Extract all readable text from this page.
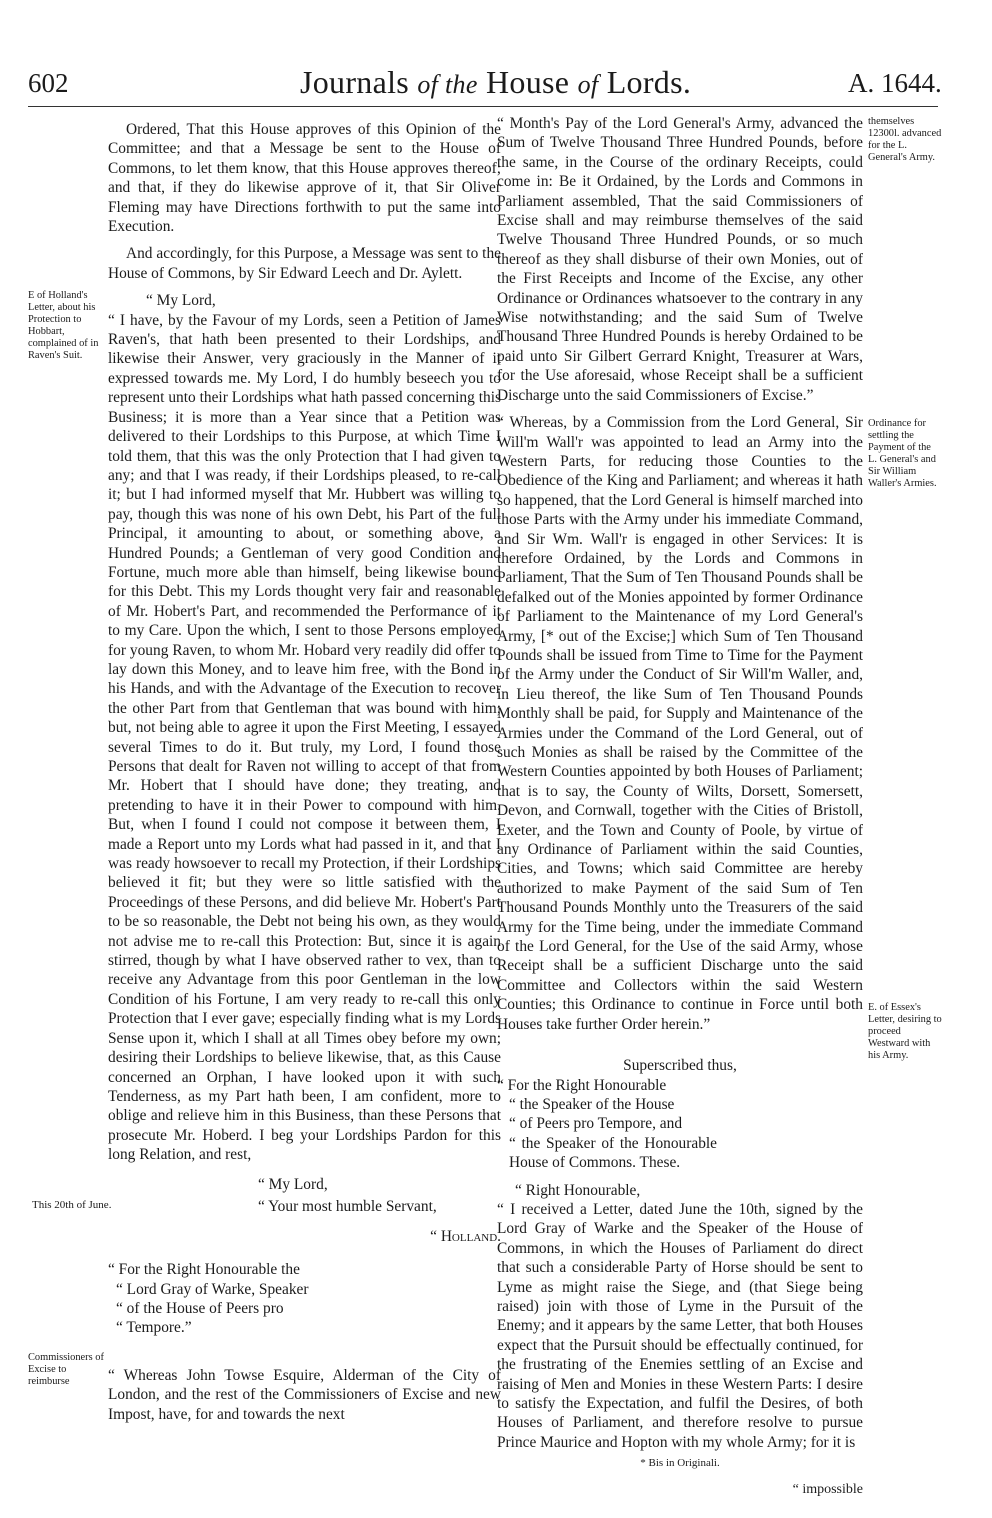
602	Journals of the House of Lords.	A. 1644.
E of Holland's Letter, about his Protection to Hobbart, complained of in Raven's Suit.
Commissioners of Excise to reimburse
themselves 12300l. advanced for the L. General's Army.
Ordinance for settling the Payment of the L. General's and Sir William Waller's Armies.
E. of Essex's Letter, desiring to proceed Westward with his Army.

Ordered, That this House approves of this Opinion of the Committee; and that a Message be sent to the House of Commons, to let them know, that this House approves thereof; and that, if they do likewise approve of it, that Sir Oliver Fleming may have Directions forthwith to put the same into Execution.

And accordingly, for this Purpose, a Message was sent to the House of Commons, by Sir Edward Leech and Dr. Aylett.

“ My Lord,

“ I have, by the Favour of my Lords, seen a Petition of James Raven's, that hath been presented to their Lordships, and likewise their Answer, very graciously in the Manner of it expressed towards me. My Lord, I do humbly beseech you to represent unto their Lordships what hath passed concerning this Business; it is more than a Year since that a Petition was delivered to their Lordships to this Purpose, at which Time I told them, that this was the only Protection that I had given to any; and that I was ready, if their Lordships pleased, to re-call it; but I had informed myself that Mr. Hubbert was willing to pay, though this was none of his own Debt, his Part of the full Principal, it amounting to about, or something above, a Hundred Pounds; a Gentleman of very good Condition and Fortune, much more able than himself, being likewise bound for this Debt. This my Lords thought very fair and reasonable of Mr. Hobert's Part, and recommended the Performance of it to my Care. Upon the which, I sent to those Persons employed for young Raven, to whom Mr. Hobard very readily did offer to lay down this Money, and to leave him free, with the Bond in his Hands, and with the Advantage of the Execution to recover the other Part from that Gentleman that was bound with him; but, not being able to agree it upon the First Meeting, I essayed several Times to do it. But truly, my Lord, I found those Persons that dealt for Raven not willing to accept of that from Mr. Hobert that I should have done; they treating, and pretending to have it in their Power to compound with him. But, when I found I could not compose it between them, I made a Report unto my Lords what had passed in it, and that I was ready howsoever to recall my Protection, if their Lordships believed it fit; but they were so little satisfied with the Proceedings of these Persons, and did believe Mr. Hobert's Part to be so reasonable, the Debt not being his own, as they would not advise me to re-call this Protection: But, since it is again stirred, though by what I have observed rather to vex, than to receive any Advantage from this poor Gentleman in the low Condition of his Fortune, I am very ready to re-call this only Protection that I ever gave; especially finding what is my Lords Sense upon it, which I shall at all Times obey before my own; desiring their Lordships to believe likewise, that, as this Cause concerned an Orphan, I have looked upon it with such Tenderness, as my Part hath been, I am confident, more to oblige and relieve him in this Business, than these Persons that prosecute Mr. Hoberd. I beg your Lordships Pardon for this long Relation, and rest,

“ My Lord,

This 20th of June.	“ Your most humble Servant,

“ Holland.

“ For the Right Honourable the

“ Lord Gray of Warke, Speaker

“ of the House of Peers pro

“ Tempore.”

“ Whereas John Towse Esquire, Alderman of the City of London, and the rest of the Commissioners of Excise and new Impost, have, for and towards the next

“ Month's Pay of the Lord General's Army, advanced the Sum of Twelve Thousand Three Hundred Pounds, before the same, in the Course of the ordinary Receipts, could come in: Be it Ordained, by the Lords and Commons in Parliament assembled, That the said Commissioners of Excise shall and may reimburse themselves of the said Twelve Thousand Three Hundred Pounds, or so much thereof as they shall disburse of their own Monies, out of the First Receipts and Income of the Excise, any other Ordinance or Ordinances whatsoever to the contrary in any Wise notwithstanding; and the said Sum of Twelve Thousand Three Hundred Pounds is hereby Ordained to be paid unto Sir Gilbert Gerrard Knight, Treasurer at Wars, for the Use aforesaid, whose Receipt shall be a sufficient Discharge unto the said Commissioners of Excise.”

“ Whereas, by a Commission from the Lord General, Sir Will'm Wall'r was appointed to lead an Army into the Western Parts, for reducing those Counties to the Obedience of the King and Parliament; and whereas it hath so happened, that the Lord General is himself marched into those Parts with the Army under his immediate Command, and Sir Wm. Wall'r is engaged in other Services: It is therefore Ordained, by the Lords and Commons in Parliament, That the Sum of Ten Thousand Pounds shall be defalked out of the Monies appointed by former Ordinance of Parliament to the Maintenance of my Lord General's Army, [* out of the Excise;] which Sum of Ten Thousand Pounds shall be issued from Time to Time for the Payment of the Army under the Conduct of Sir Will'm Waller, and, in Lieu thereof, the like Sum of Ten Thousand Pounds Monthly shall be paid, for Supply and Maintenance of the Armies under the Command of the Lord General, out of such Monies as shall be raised by the Committee of the Western Counties appointed by both Houses of Parliament; that is to say, the County of Wilts, Dorsett, Somersett, Devon, and Cornwall, together with the Cities of Bristoll, Exeter, and the Town and County of Poole, by virtue of any Ordinance of Parliament within the said Counties, Cities, and Towns; which said Committee are hereby authorized to make Payment of the said Sum of Ten Thousand Pounds Monthly unto the Treasurers of the said Army for the Time being, under the immediate Command of the Lord General, for the Use of the said Army, whose Receipt shall be a sufficient Discharge unto the said Committee and Collectors within the said Western Counties; this Ordinance to continue in Force until both Houses take further Order herein.”

Superscribed thus,

“ For the Right Honourable

“ the Speaker of the House

“ of Peers pro Tempore, and

“ the Speaker of the Honourable House of Commons. These.

“ Right Honourable,

“ I received a Letter, dated June the 10th, signed by the Lord Gray of Warke and the Speaker of the House of Commons, in which the Houses of Parliament do direct that such a considerable Party of Horse should be sent to Lyme as might raise the Siege, and (that Siege being raised) join with those of Lyme in the Pursuit of the Enemy; and it appears by the same Letter, that both Houses expect that the Pursuit should be effectually continued, for the frustrating of the Enemies settling of an Excise and raising of Men and Monies in these Western Parts: I desire to satisfy the Expectation, and fulfil the Desires, of both Houses of Parliament, and therefore resolve to pursue Prince Maurice and Hopton with my whole Army; for it is

* Bis in Originali.

“ impossible
